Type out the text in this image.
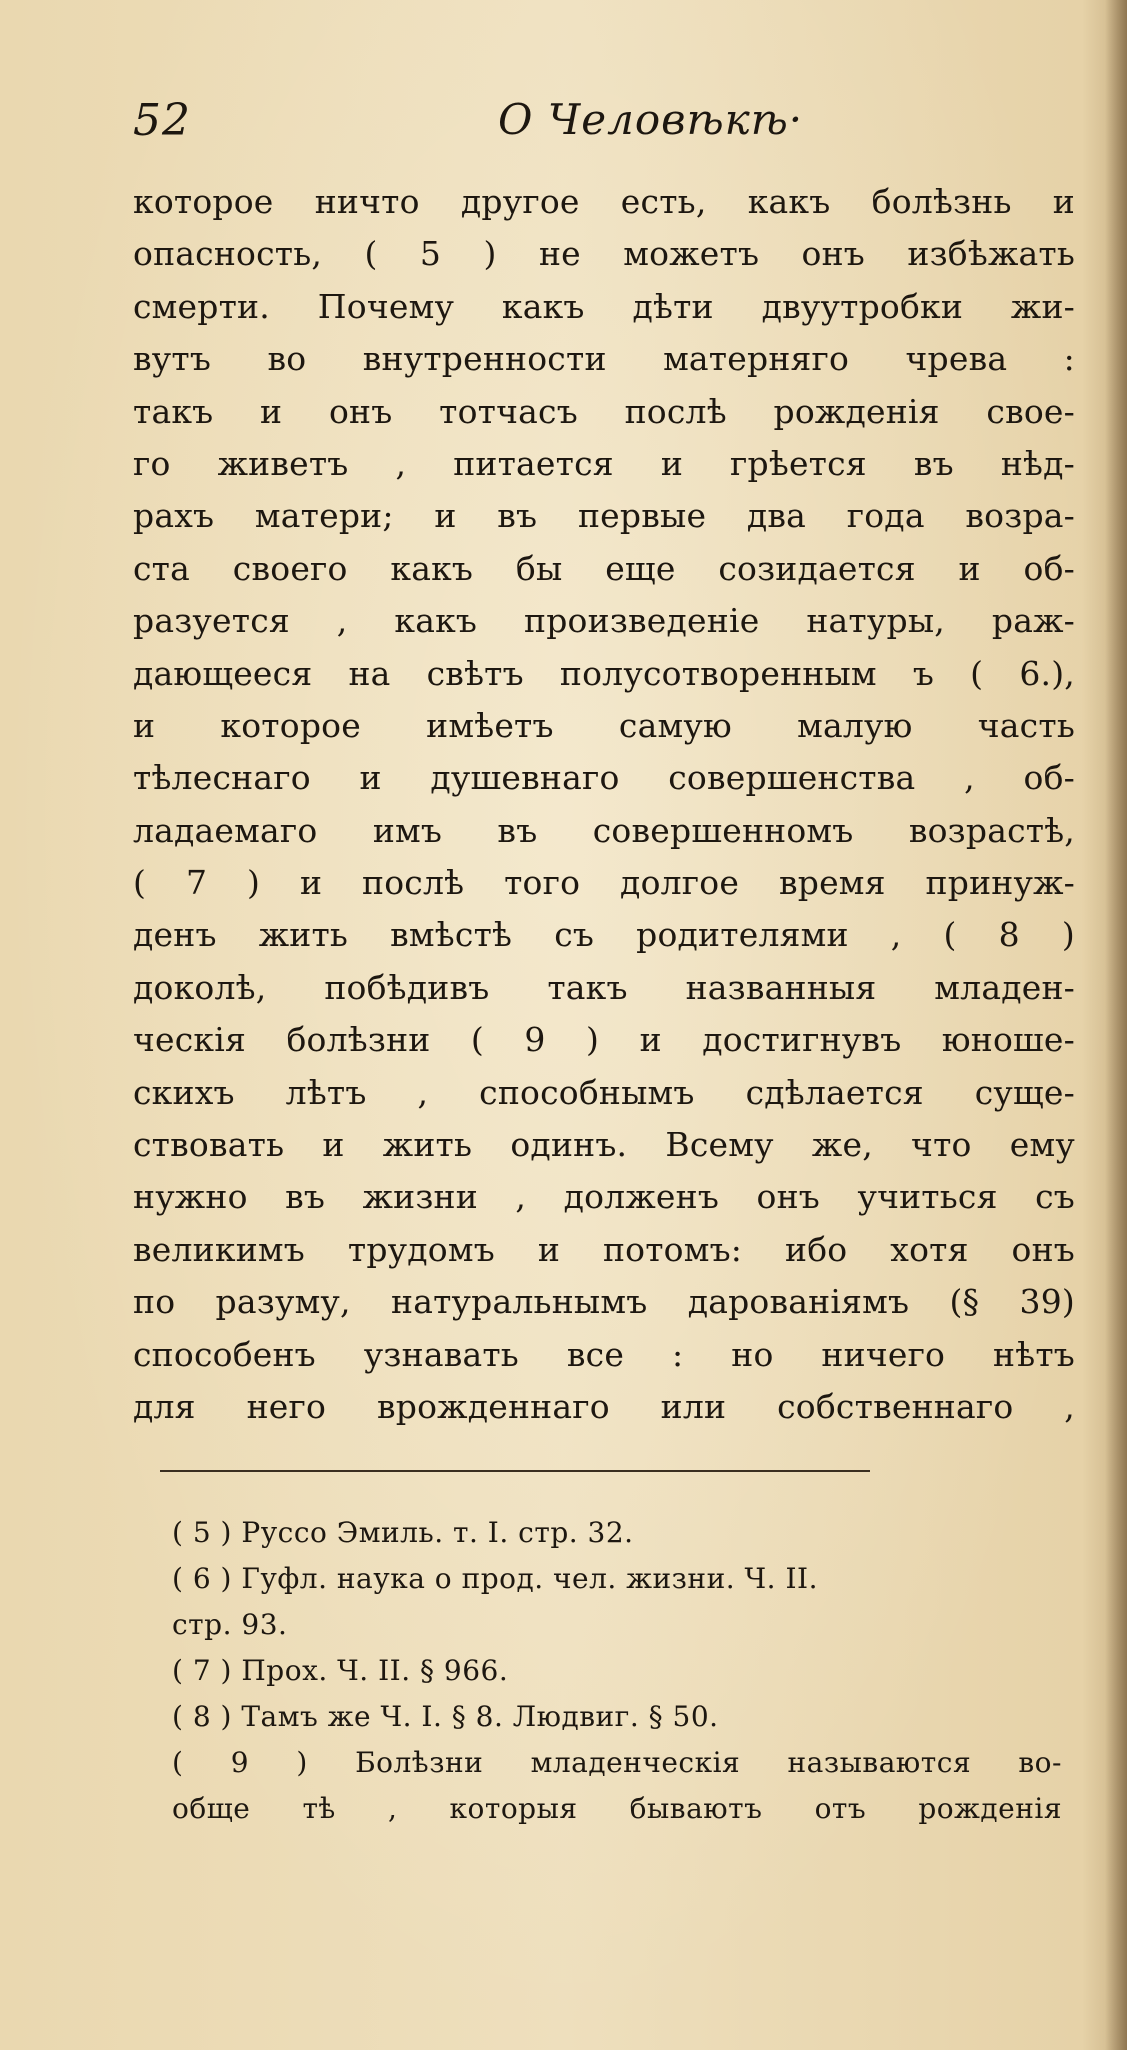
52	О Человѣкѣ·
которое ничто другое есть, какъ болѣзнь и
опасность, ( 5 ) не можетъ онъ избѣжать
смерти. Почему какъ дѣти двуутробки жи-
вутъ во внутренности матерняго чрева :
такъ и онъ тотчасъ послѣ рожденія свое-
го живетъ , питается и грѣется въ нѣд-
рахъ матери; и въ первые два года возра-
ста своего какъ бы еще созидается и об-
разуется , какъ произведеніе натуры, раж-
дающееся на свѣтъ полусотворенным ъ ( 6.),
и которое имѣетъ самую малую часть
тѣлеснаго и душевнаго совершенства , об-
ладаемаго имъ въ совершенномъ возрастѣ,
( 7 ) и послѣ того долгое время принуж-
денъ жить вмѣстѣ съ родителями , ( 8 )
доколѣ, побѣдивъ такъ названныя младен-
ческія болѣзни ( 9 ) и достигнувъ юноше-
скихъ лѣтъ , способнымъ сдѣлается суще-
ствовать и жить одинъ. Всему же, что ему
нужно въ жизни , долженъ онъ учиться съ
великимъ трудомъ и потомъ: ибо хотя онъ
по разуму, натуральнымъ дарованіямъ (§ 39)
способенъ узнавать все : но ничего нѣтъ
для него врожденнаго или собственнаго ,
( 5 ) Руссо Эмиль. т. I. стр. 32.
( 6 ) Гуфл. наука о прод. чел. жизни. Ч. II.
стр. 93.
( 7 ) Прох. Ч. II. § 966.
( 8 ) Тамъ же Ч. I. § 8. Людвиг. § 50.
( 9 ) Болѣзни младенческія называются во-
обще тѣ , которыя бываютъ отъ рожденія
